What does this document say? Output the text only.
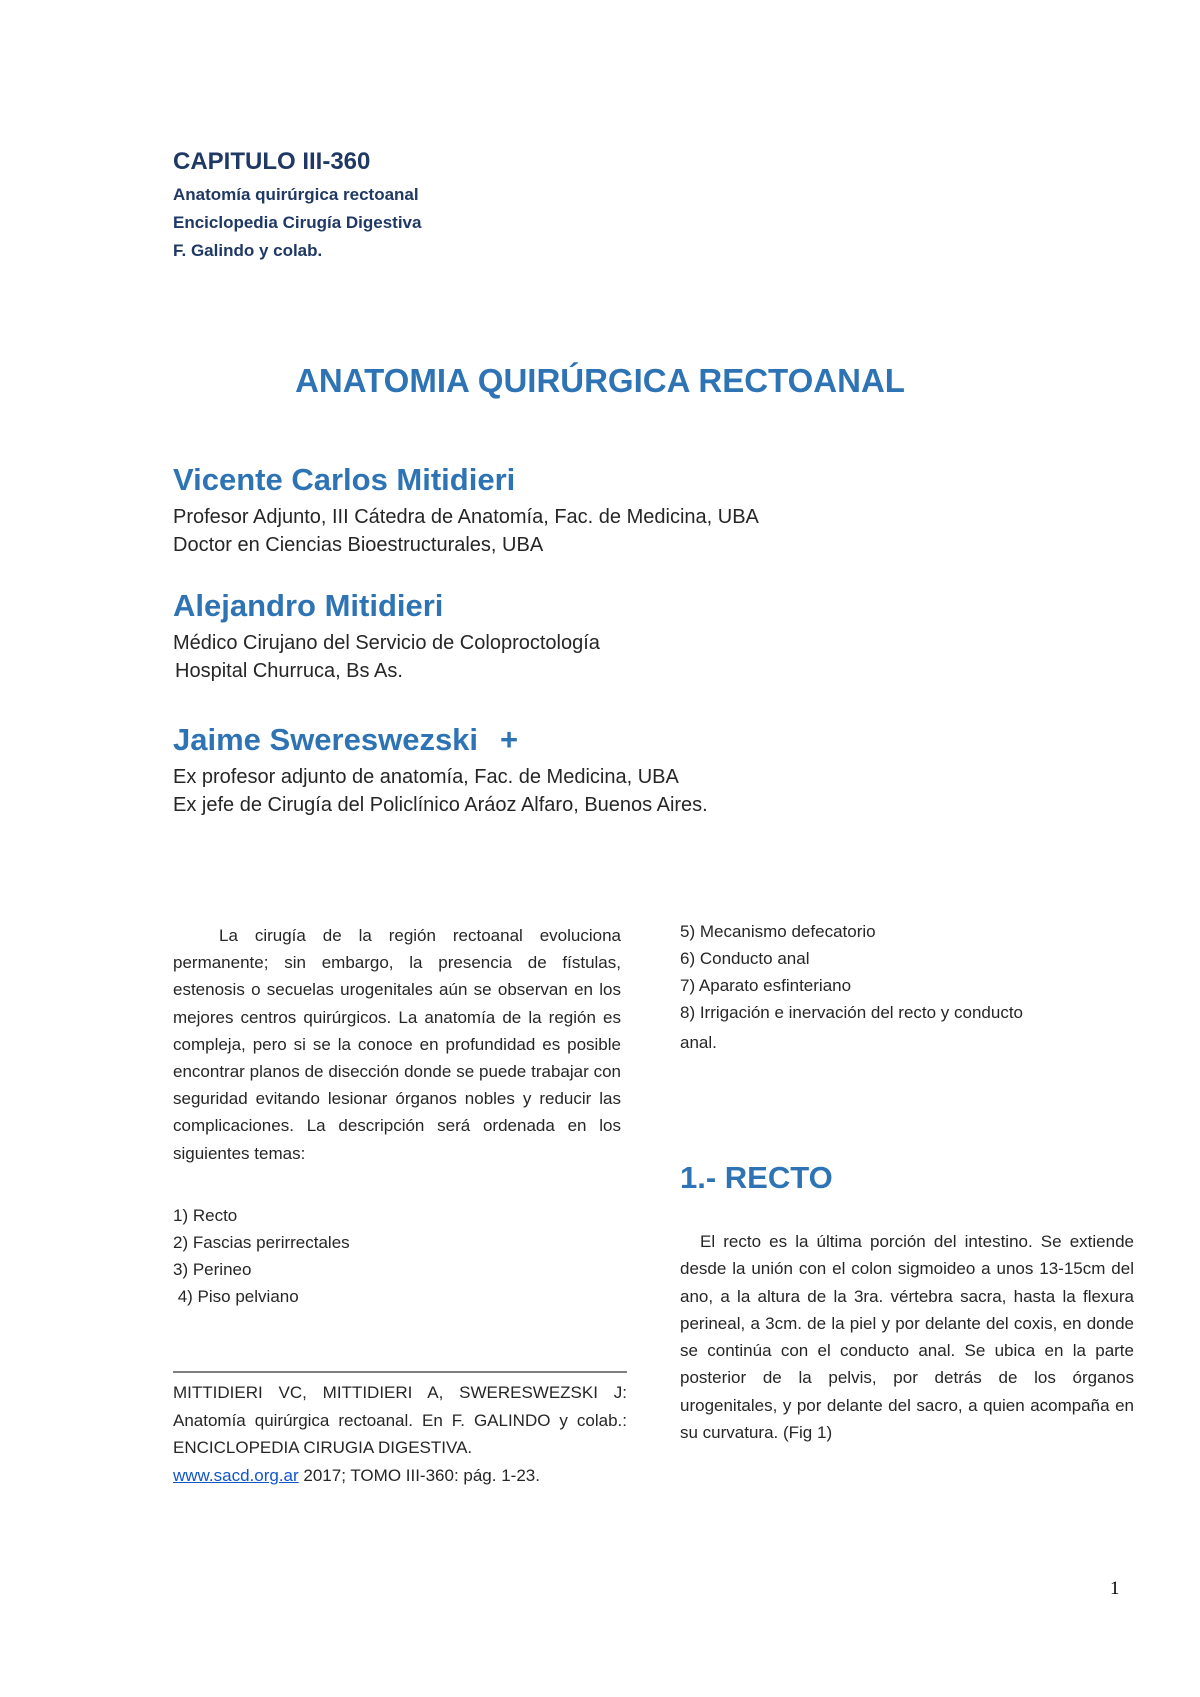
CAPITULO III-360
Anatomía quirúrgica rectoanal
Enciclopedia Cirugía Digestiva
F. Galindo y colab.
ANATOMIA QUIRÚRGICA RECTOANAL
Vicente Carlos Mitidieri
Profesor Adjunto, III Cátedra de Anatomía, Fac. de Medicina, UBA
Doctor en Ciencias Bioestructurales, UBA
Alejandro Mitidieri
Médico Cirujano del Servicio de Coloproctología
Hospital Churruca, Bs As.
Jaime Swereswezski +
Ex profesor adjunto de anatomía, Fac. de Medicina, UBA
Ex jefe de Cirugía del Policlínico Aráoz Alfaro, Buenos Aires.

La cirugía de la región rectoanal evoluciona permanente; sin embargo, la presencia de fístulas, estenosis o secuelas urogenitales aún se observan en los mejores centros quirúrgicos. La anatomía de la región es compleja, pero si se la conoce en profundidad es posible encontrar planos de disección donde se puede trabajar con seguridad evitando lesionar órganos nobles y reducir las complicaciones. La descripción será ordenada en los siguientes temas:

1) Recto
2) Fascias perirrectales
3) Perineo
4) Piso pelviano
5) Mecanismo defecatorio
6) Conducto anal
7) Aparato esfinteriano
8) Irrigación e inervación del recto y conducto
anal.

MITTIDIERI VC, MITTIDIERI A, SWERESWEZSKI J: Anatomía quirúrgica rectoanal. En F. GALINDO y colab.: ENCICLOPEDIA CIRUGIA DIGESTIVA.
www.sacd.org.ar 2017; TOMO III-360: pág. 1-23.

1.- RECTO

El recto es la última porción del intestino. Se extiende desde la unión con el colon sigmoideo a unos 13-15cm del ano, a la altura de la 3ra. vértebra sacra, hasta la flexura perineal, a 3cm. de la piel y por delante del coxis, en donde se continúa con el conducto anal. Se ubica en la parte posterior de la pelvis, por detrás de los órganos urogenitales, y por delante del sacro, a quien acompaña en su curvatura. (Fig 1)

1
